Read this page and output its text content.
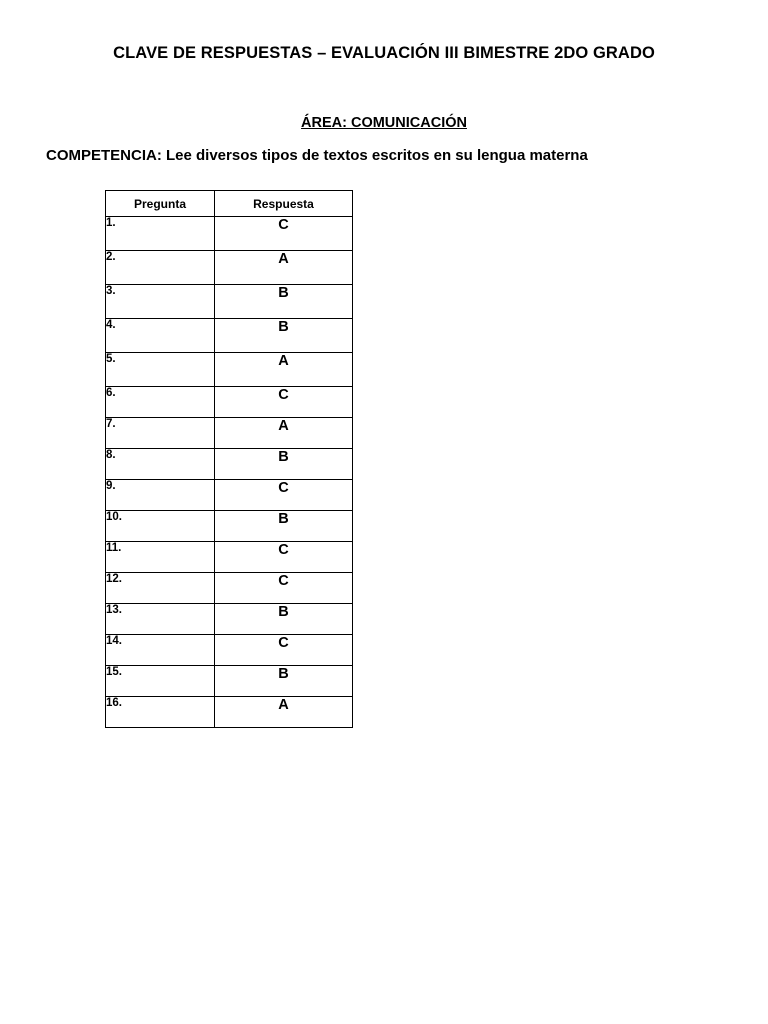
CLAVE DE RESPUESTAS – EVALUACIÓN III BIMESTRE 2DO GRADO
ÁREA: COMUNICACIÓN
COMPETENCIA: Lee diversos tipos de textos escritos en su lengua materna
Pregunta	Respuesta
1.	C
2.	A
3.	B
4.	B
5.	A
6.	C
7.	A
8.	B
9.	C
10.	B
11.	C
12.	C
13.	B
14.	C
15.	B
16.	A
